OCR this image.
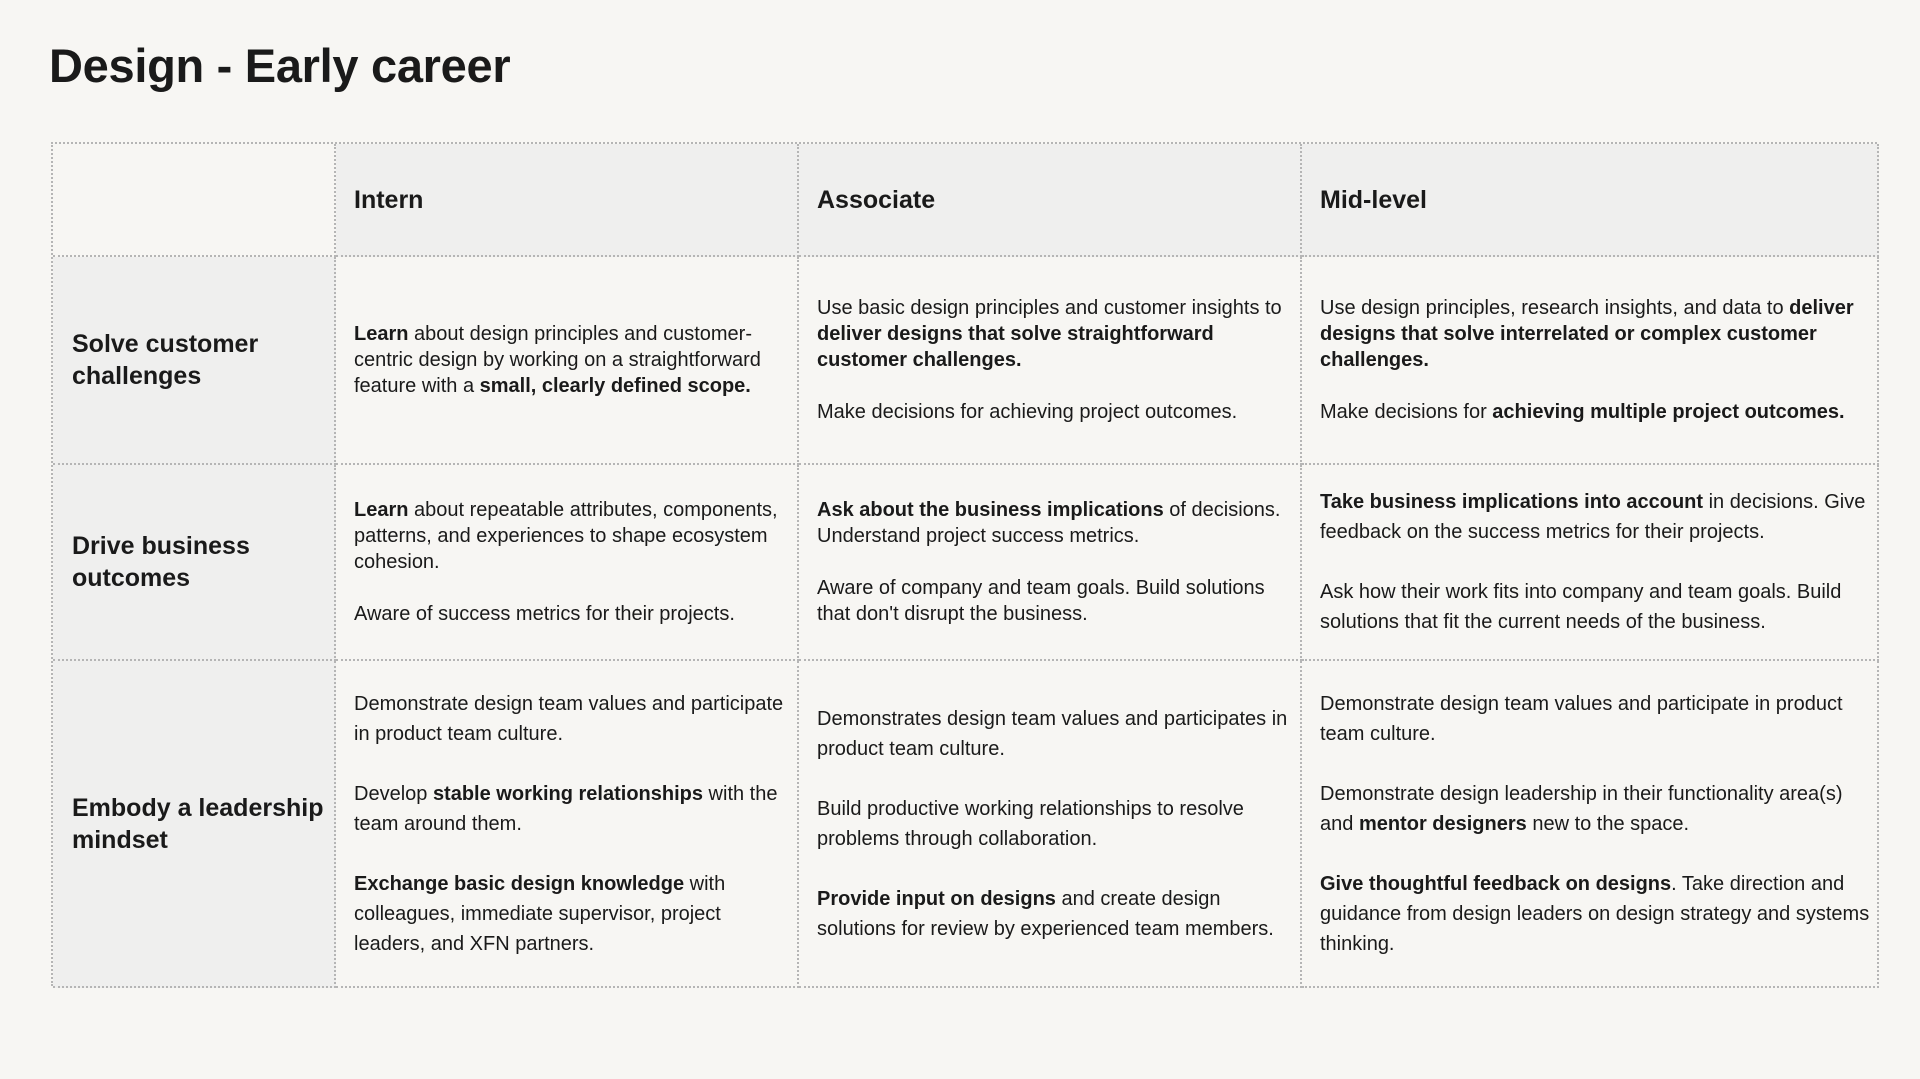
Design - Early career
Intern	Associate	Mid-level
Solve customer challenges

Learn about design principles and customer-centric design by working on a straightforward feature with a small, clearly defined scope.

Use basic design principles and customer insights to deliver designs that solve straightforward customer challenges.

Make decisions for achieving project outcomes.

Use design principles, research insights, and data to deliver designs that solve interrelated or complex customer challenges.

Make decisions for achieving multiple project outcomes.

Drive business outcomes

Learn about repeatable attributes, components, patterns, and experiences to shape ecosystem cohesion.

Aware of success metrics for their projects.

Ask about the business implications of decisions. Understand project success metrics.

Aware of company and team goals. Build solutions that don't disrupt the business.

Take business implications into account in decisions. Give feedback on the success metrics for their projects.

Ask how their work fits into company and team goals. Build solutions that fit the current needs of the business.

Embody a leadership mindset

Demonstrate design team values and participate in product team culture.

Develop stable working relationships with the team around them.

Exchange basic design knowledge with colleagues, immediate supervisor, project leaders, and XFN partners.

Demonstrates design team values and participates in product team culture.

Build productive working relationships to resolve problems through collaboration.

Provide input on designs and create design solutions for review by experienced team members.

Demonstrate design team values and participate in product team culture.

Demonstrate design leadership in their functionality area(s) and mentor designers new to the space.

Give thoughtful feedback on designs. Take direction and guidance from design leaders on design strategy and systems thinking.
